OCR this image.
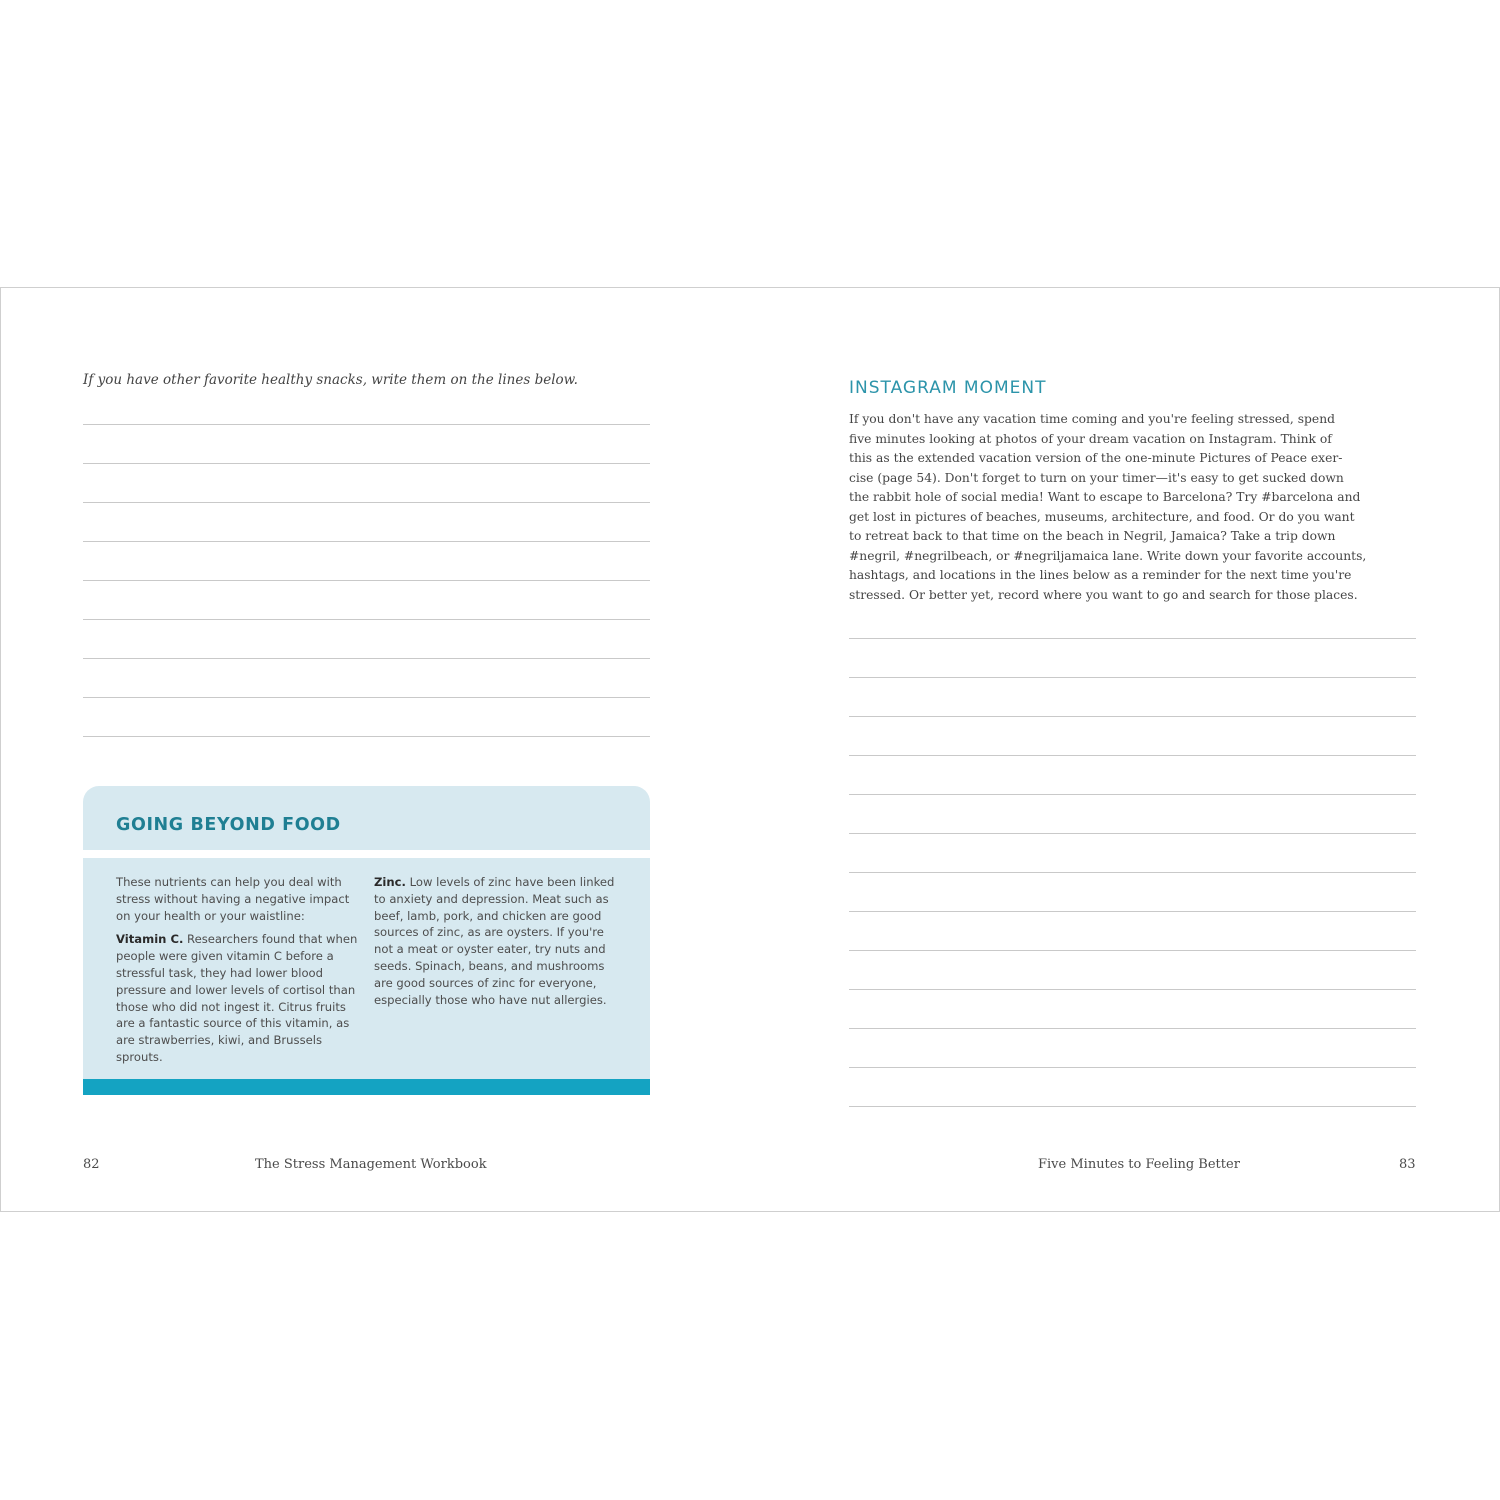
If you have other favorite healthy snacks, write them on the lines below.
GOING BEYOND FOOD

These nutrients can help you deal with stress without having a negative impact on your health or your waistline:

Vitamin C. Researchers found that when people were given vitamin C before a stressful task, they had lower blood pressure and lower levels of cortisol than those who did not ingest it. Citrus fruits are a fantastic source of this vitamin, as are strawberries, kiwi, and Brussels sprouts.

Zinc. Low levels of zinc have been linked to anxiety and depression. Meat such as beef, lamb, pork, and chicken are good sources of zinc, as are oysters. If you're not a meat or oyster eater, try nuts and seeds. Spinach, beans, and mushrooms are good sources of zinc for everyone, especially those who have nut allergies.

82	The Stress Management Workbook
INSTAGRAM MOMENT
If you don't have any vacation time coming and you're feeling stressed, spend
five minutes looking at photos of your dream vacation on Instagram. Think of
this as the extended vacation version of the one-minute Pictures of Peace exer-
cise (page 54). Don't forget to turn on your timer—it's easy to get sucked down
the rabbit hole of social media! Want to escape to Barcelona? Try #barcelona and
get lost in pictures of beaches, museums, architecture, and food. Or do you want
to retreat back to that time on the beach in Negril, Jamaica? Take a trip down
#negril, #negrilbeach, or #negriljamaica lane. Write down your favorite accounts,
hashtags, and locations in the lines below as a reminder for the next time you're
stressed. Or better yet, record where you want to go and search for those places.
Five Minutes to Feeling Better	83
